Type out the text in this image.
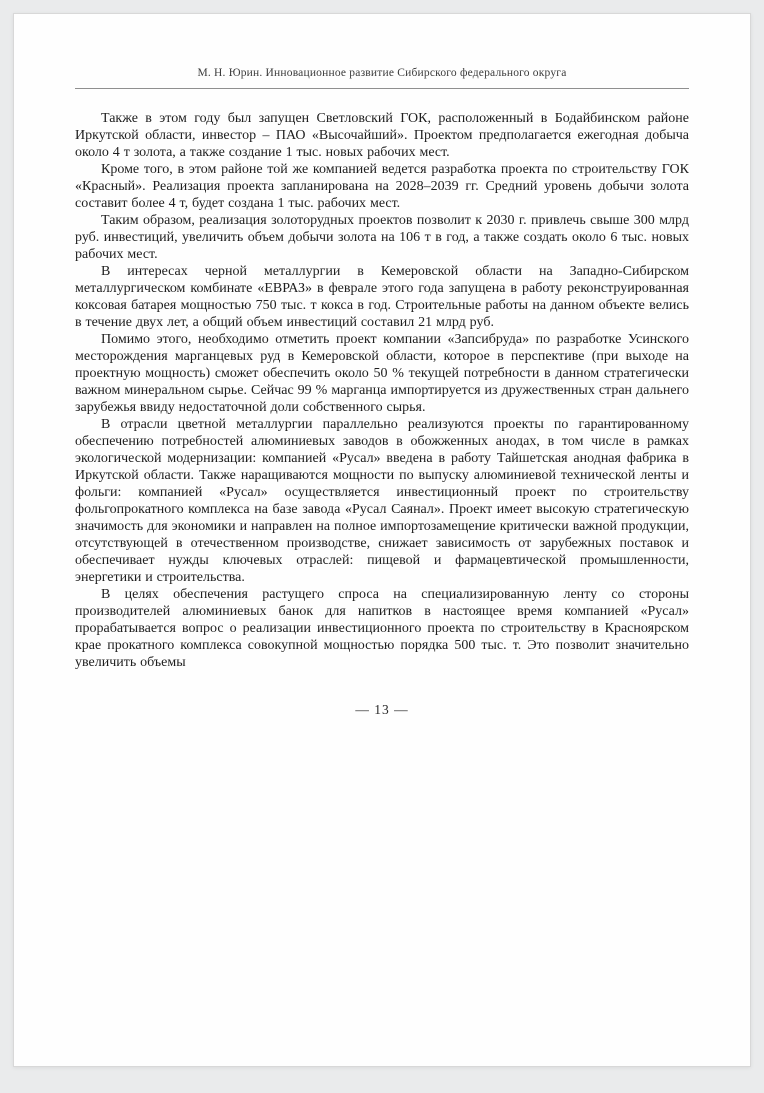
М. Н. Юрин. Инновационное развитие Сибирского федерального округа

Также в этом году был запущен Светловский ГОК, расположенный в Бодайбинском районе Иркутской области, инвестор – ПАО «Высочайший». Проектом предполагается ежегодная добыча около 4 т золота, а также создание 1 тыс. новых рабочих мест.

Кроме того, в этом районе той же компанией ведется разработка проекта по строительству ГОК «Красный». Реализация проекта запланирована на 2028–2039 гг. Средний уровень добычи золота составит более 4 т, будет создана 1 тыс. рабочих мест.

Таким образом, реализация золоторудных проектов позволит к 2030 г. привлечь свыше 300 млрд руб. инвестиций, увеличить объем добычи золота на 106 т в год, а также создать около 6 тыс. новых рабочих мест.

В интересах черной металлургии в Кемеровской области на Западно-Сибирском металлургическом комбинате «ЕВРАЗ» в феврале этого года запущена в работу реконструированная коксовая батарея мощностью 750 тыс. т кокса в год. Строительные работы на данном объекте велись в течение двух лет, а общий объем инвестиций составил 21 млрд руб.

Помимо этого, необходимо отметить проект компании «Запсибруда» по разработке Усинского месторождения марганцевых руд в Кемеровской области, которое в перспективе (при выходе на проектную мощность) сможет обеспечить около 50 % текущей потребности в данном стратегически важном минеральном сырье. Сейчас 99 % марганца импортируется из дружественных стран дальнего зарубежья ввиду недостаточной доли собственного сырья.

В отрасли цветной металлургии параллельно реализуются проекты по гарантированному обеспечению потребностей алюминиевых заводов в обожженных анодах, в том числе в рамках экологической модернизации: компанией «Русал» введена в работу Тайшетская анодная фабрика в Иркутской области. Также наращиваются мощности по выпуску алюминиевой технической ленты и фольги: компанией «Русал» осуществляется инвестиционный проект по строительству фольгопрокатного комплекса на базе завода «Русал Саянал». Проект имеет высокую стратегическую значимость для экономики и направлен на полное импортозамещение критически важной продукции, отсутствующей в отечественном производстве, снижает зависимость от зарубежных поставок и обеспечивает нужды ключевых отраслей: пищевой и фармацевтической промышленности, энергетики и строительства.

В целях обеспечения растущего спроса на специализированную ленту со стороны производителей алюминиевых банок для напитков в настоящее время компанией «Русал» прорабатывается вопрос о реализации инвестиционного проекта по строительству в Красноярском крае прокатного комплекса совокупной мощностью порядка 500 тыс. т. Это позволит значительно увеличить объемы

— 13 —
